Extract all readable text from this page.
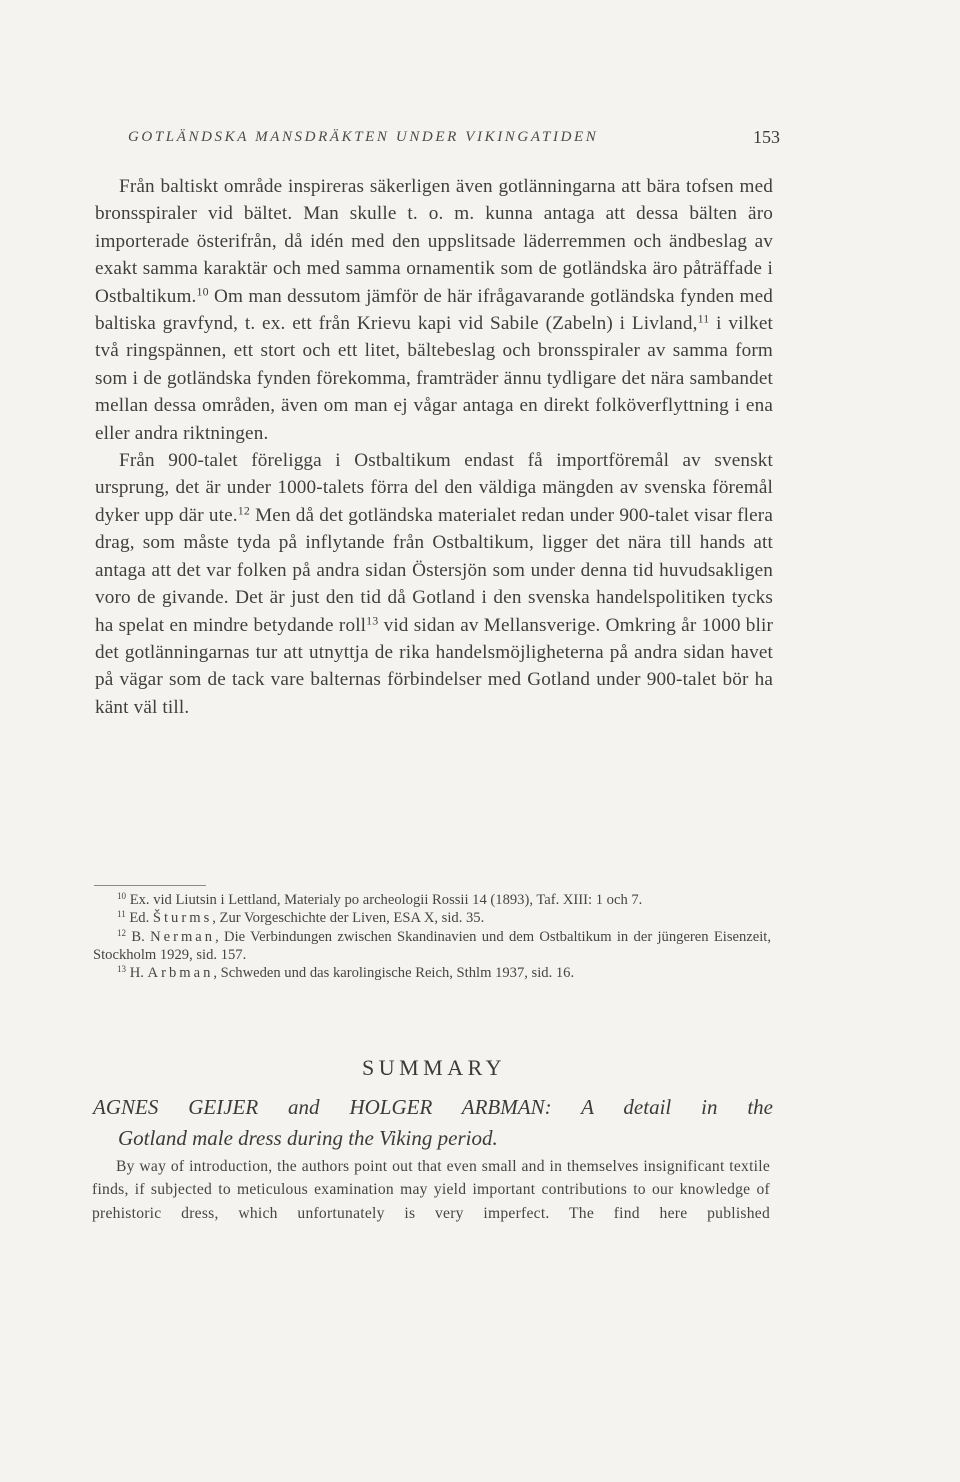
GOTLÄNDSKA MANSDRÄKTEN UNDER VIKINGATIDEN	153

Från baltiskt område inspireras säkerligen även gotlänningarna att bära tofsen med bronsspiraler vid bältet. Man skulle t. o. m. kunna antaga att dessa bälten äro importerade österifrån, då idén med den uppslitsade läderremmen och ändbeslag av exakt samma karaktär och med samma ornamentik som de gotländska äro påträffade i Ostbaltikum.$^{10}$ Om man dessutom jämför de här ifrågavarande gotländska fynden med baltiska gravfynd, t. ex. ett från Krievu kapi vid Sabile (Zabeln) i Livland,$^{11}$ i vilket två ringspännen, ett stort och ett litet, bältebeslag och bronsspiraler av samma form som i de gotländska fynden förekomma, framträder ännu tydligare det nära sambandet mellan dessa områden, även om man ej vågar antaga en direkt folköverflyttning i ena eller andra riktningen.

Från 900-talet föreligga i Ostbaltikum endast få importföremål av svenskt ursprung, det är under 1000-talets förra del den väldiga mängden av svenska föremål dyker upp där ute.$^{12}$ Men då det gotländska materialet redan under 900-talet visar flera drag, som måste tyda på inflytande från Ostbaltikum, ligger det nära till hands att antaga att det var folken på andra sidan Östersjön som under denna tid huvudsakligen voro de givande. Det är just den tid då Gotland i den svenska handelspolitiken tycks ha spelat en mindre betydande roll$^{13}$ vid sidan av Mellansverige. Omkring år 1000 blir det gotlänningarnas tur att utnyttja de rika handelsmöjligheterna på andra sidan havet på vägar som de tack vare balternas förbindelser med Gotland under 900-talet bör ha känt väl till.

$^{10}$ Ex. vid Liutsin i Lettland, Materialy po archeologii Rossii 14 (1893), Taf. XIII: 1 och 7.

$^{11}$ Ed. Šturms, Zur Vorgeschichte der Liven, ESA X, sid. 35.

$^{12}$ B. Nerman, Die Verbindungen zwischen Skandinavien und dem Ostbaltikum in der jüngeren Eisenzeit, Stockholm 1929, sid. 157.

$^{13}$ H. Arbman, Schweden und das karolingische Reich, Sthlm 1937, sid. 16.

SUMMARY
AGNES GEIJER and HOLGER ARBMAN: A detail in the
Gotland male dress during the Viking period.

By way of introduction, the authors point out that even small and in themselves insignificant textile finds, if subjected to meticulous examination may yield important contributions to our knowledge of prehistoric dress, which unfortunately is very imperfect. The find here published
